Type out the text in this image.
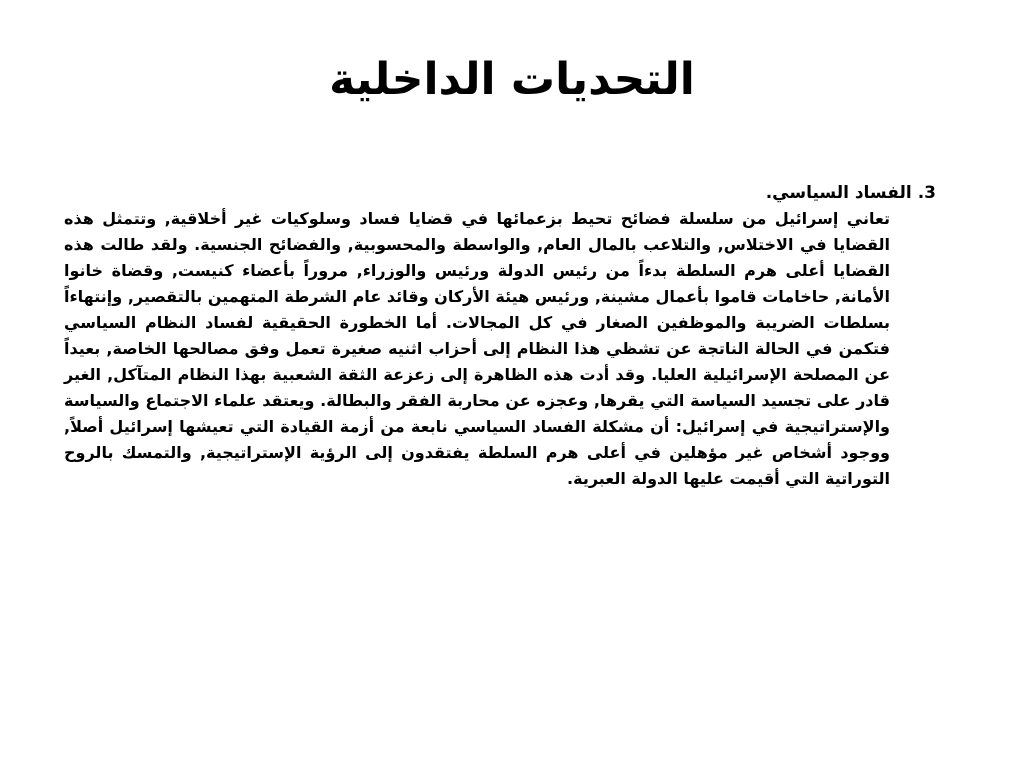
التحديات الداخلية

3.الفساد السياسي.

تعاني إسرائيل من سلسلة فضائح تحيط بزعمائها في قضايا فساد وسلوكيات غير أخلاقية, وتتمثل هذه القضايا في الاختلاس, والتلاعب بالمال العام, والواسطة والمحسوبية, والفضائح الجنسية. ولقد طالت هذه القضايا أعلى هرم السلطة بدءاً من رئيس الدولة ورئيس والوزراء, مروراً بأعضاء كنيست, وقضاة خانوا الأمانة, حاخامات قاموا بأعمال مشينة, ورئيس هيئة الأركان وقائد عام الشرطة المتهمين بالتقصير, وإنتهاءاً بسلطات الضريبة والموظفين الصغار في كل المجالات. أما الخطورة الحقيقية لفساد النظام السياسي فتكمن في الحالة الناتجة عن تشظي هذا النظام إلى أحزاب اثنيه صغيرة تعمل وفق مصالحها الخاصة, بعيداً عن المصلحة الإسرائيلية العليا. وقد أدت هذه الظاهرة إلى زعزعة الثقة الشعبية بهذا النظام المتآكل, الغير قادر على تجسيد السياسة التي يقرها, وعجزه عن محاربة الفقر والبطالة. ويعتقد علماء الاجتماع والسياسة والإستراتيجية في إسرائيل: أن مشكلة الفساد السياسي نابعة من أزمة القيادة التي تعيشها إسرائيل أصلاً, ووجود أشخاص غير مؤهلين في أعلى هرم السلطة يفتقدون إلى الرؤية الإستراتيجية, والتمسك بالروح التوراتية التي أقيمت عليها الدولة العبرية.
